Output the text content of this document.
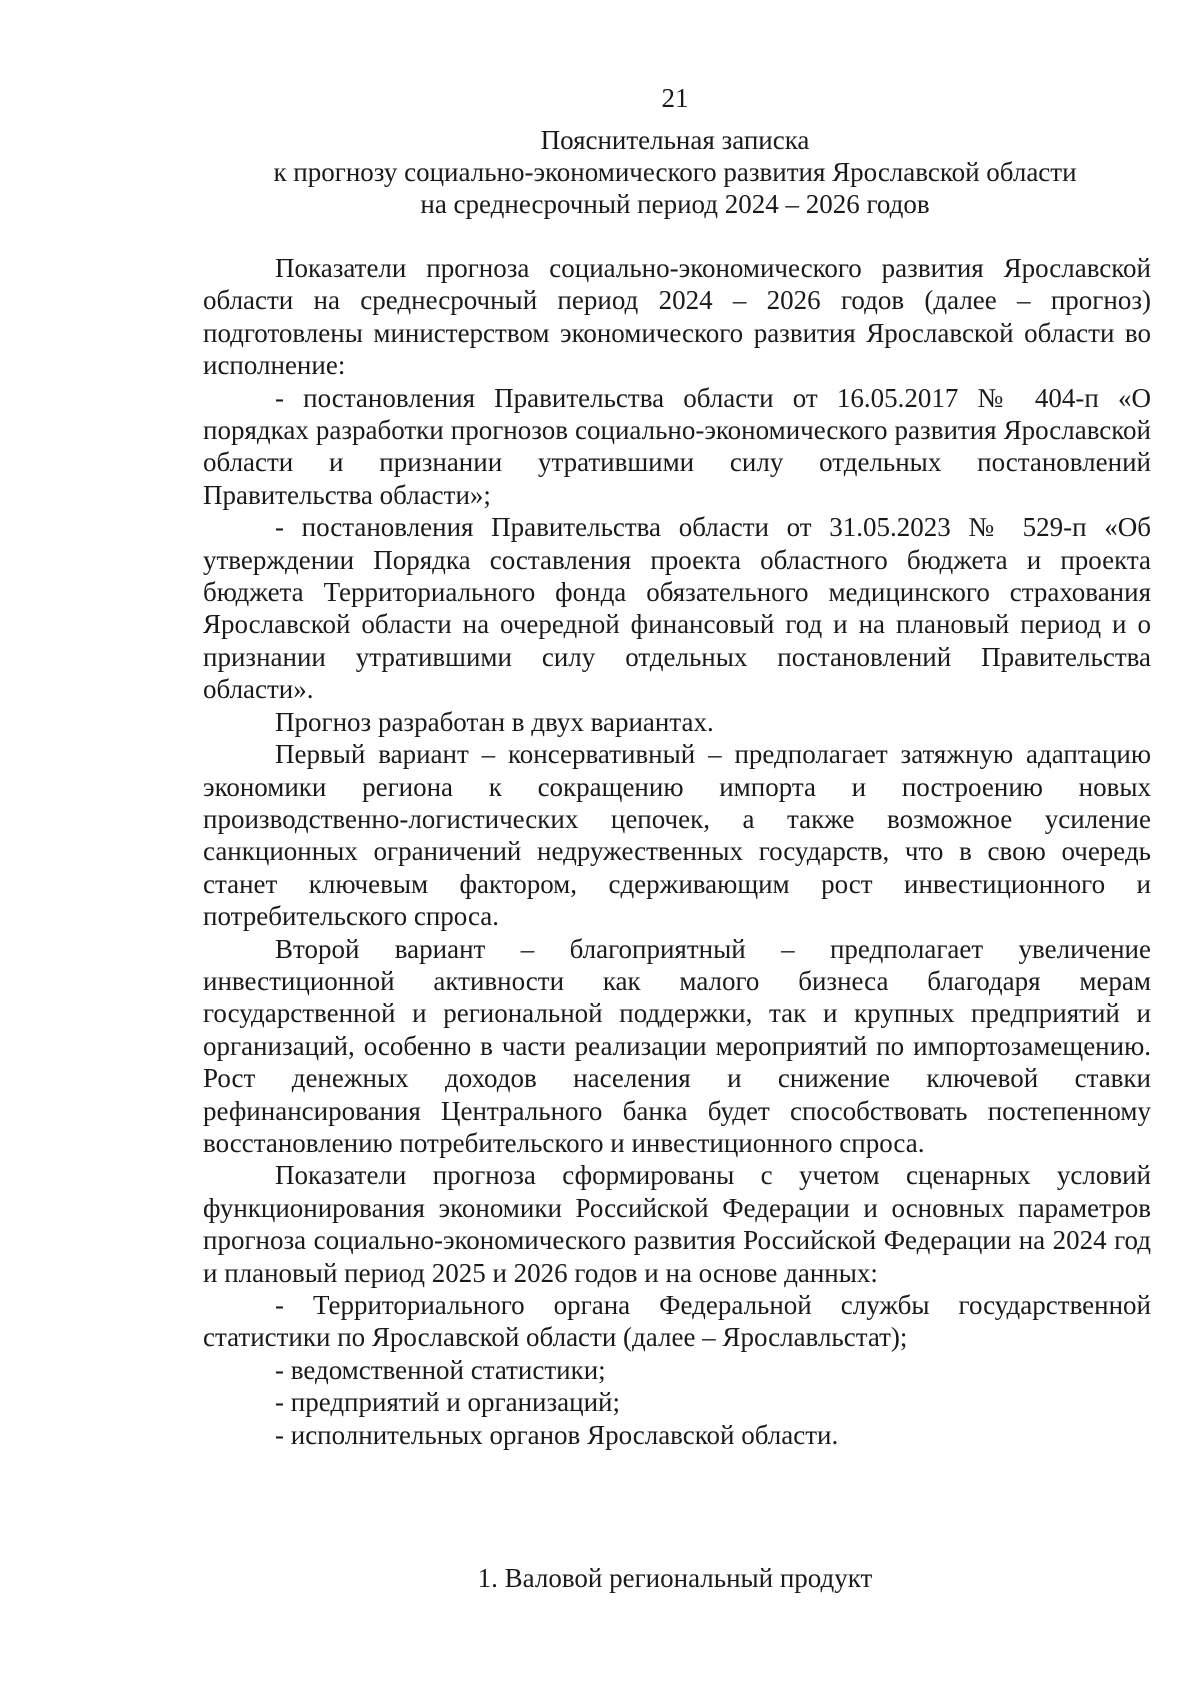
21
Пояснительная записка
к прогнозу социально-экономического развития Ярославской области
на среднесрочный период 2024 – 2026 годов

Показатели прогноза социально-экономического развития Ярославской области на среднесрочный период 2024 – 2026 годов (далее – прогноз) подготовлены министерством экономического развития Ярославской области во исполнение:

- постановления Правительства области от 16.05.2017 № 404-п «О порядках разработки прогнозов социально-экономического развития Ярославской области и признании утратившими силу отдельных постановлений Правительства области»;

- постановления Правительства области от 31.05.2023 № 529-п «Об утверждении Порядка составления проекта областного бюджета и проекта бюджета Территориального фонда обязательного медицинского страхования Ярославской области на очередной финансовый год и на плановый период и о признании утратившими силу отдельных постановлений Правительства области».

Прогноз разработан в двух вариантах.

Первый вариант – консервативный – предполагает затяжную адаптацию экономики региона к сокращению импорта и построению новых производственно-логистических цепочек, а также возможное усиление санкционных ограничений недружественных государств, что в свою очередь станет ключевым фактором, сдерживающим рост инвестиционного и потребительского спроса.

Второй вариант – благоприятный – предполагает увеличение инвестиционной активности как малого бизнеса благодаря мерам государственной и региональной поддержки, так и крупных предприятий и организаций, особенно в части реализации мероприятий по импортозамещению. Рост денежных доходов населения и снижение ключевой ставки рефинансирования Центрального банка будет способствовать постепенному восстановлению потребительского и инвестиционного спроса.

Показатели прогноза сформированы с учетом сценарных условий функционирования экономики Российской Федерации и основных параметров прогноза социально-экономического развития Российской Федерации на 2024 год и плановый период 2025 и 2026 годов и на основе данных:

- Территориального органа Федеральной службы государственной статистики по Ярославской области (далее – Ярославльстат);

- ведомственной статистики;

- предприятий и организаций;

- исполнительных органов Ярославской области.

1. Валовой региональный продукт
